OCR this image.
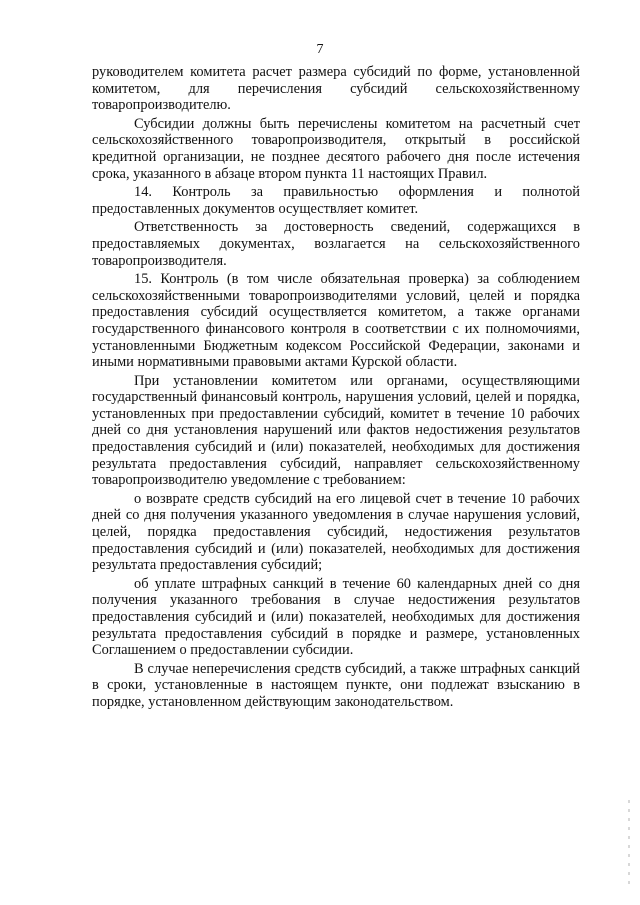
7

руководителем комитета расчет размера субсидий по форме, установленной комитетом, для перечисления субсидий сельскохозяйственному товаропроизводителю.

Субсидии должны быть перечислены комитетом на расчетный счет сельскохозяйственного товаропроизводителя, открытый в российской кредитной организации, не позднее десятого рабочего дня после истечения срока, указанного в абзаце втором пункта 11 настоящих Правил.

14. Контроль за правильностью оформления и полнотой предоставленных документов осуществляет комитет.

Ответственность за достоверность сведений, содержащихся в предоставляемых документах, возлагается на сельскохозяйственного товаропроизводителя.

15. Контроль (в том числе обязательная проверка) за соблюдением сельскохозяйственными товаропроизводителями условий, целей и порядка предоставления субсидий осуществляется комитетом, а также органами государственного финансового контроля в соответствии с их полномочиями, установленными Бюджетным кодексом Российской Федерации, законами и иными нормативными правовыми актами Курской области.

При установлении комитетом или органами, осуществляющими государственный финансовый контроль, нарушения условий, целей и порядка, установленных при предоставлении субсидий, комитет в течение 10 рабочих дней со дня установления нарушений или фактов недостижения результатов предоставления субсидий и (или) показателей, необходимых для достижения результата предоставления субсидий, направляет сельскохозяйственному товаропроизводителю уведомление с требованием:

о возврате средств субсидий на его лицевой счет в течение 10 рабочих дней со дня получения указанного уведомления в случае нарушения условий, целей, порядка предоставления субсидий, недостижения результатов предоставления субсидий и (или) показателей, необходимых для достижения результата предоставления субсидий;

об уплате штрафных санкций в течение 60 календарных дней со дня получения указанного требования в случае недостижения результатов предоставления субсидий и (или) показателей, необходимых для достижения результата предоставления субсидий в порядке и размере, установленных Соглашением о предоставлении субсидии.

В случае неперечисления средств субсидий, а также штрафных санкций в сроки, установленные в настоящем пункте, они подлежат взысканию в порядке, установленном действующим законодательством.
